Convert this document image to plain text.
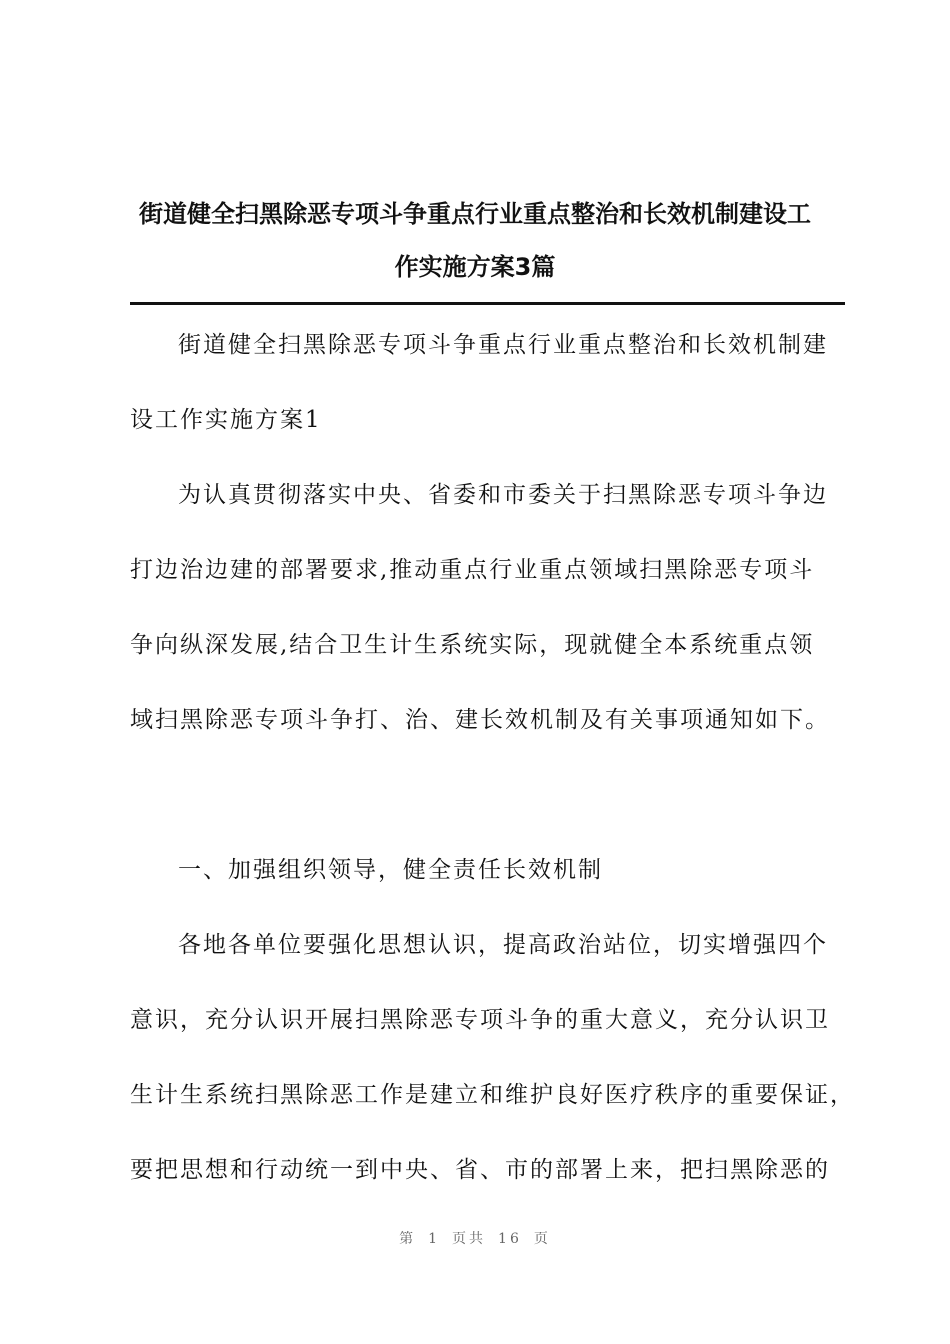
街道健全扫黑除恶专项斗争重点行业重点整治和长效机制建设工
作实施方案3篇
街道健全扫黑除恶专项斗争重点行业重点整治和长效机制建
设工作实施方案1
为认真贯彻落实中央、省委和市委关于扫黑除恶专项斗争边
打边治边建的部署要求,推动重点行业重点领域扫黑除恶专项斗
争向纵深发展,结合卫生计生系统实际，现就健全本系统重点领
域扫黑除恶专项斗争打、治、建长效机制及有关事项通知如下。
一、加强组织领导，健全责任长效机制
各地各单位要强化思想认识，提高政治站位，切实增强四个
意识，充分认识开展扫黑除恶专项斗争的重大意义，充分认识卫
生计生系统扫黑除恶工作是建立和维护良好医疗秩序的重要保证，
要把思想和行动统一到中央、省、市的部署上来，把扫黑除恶的
第 1 页共 16 页
